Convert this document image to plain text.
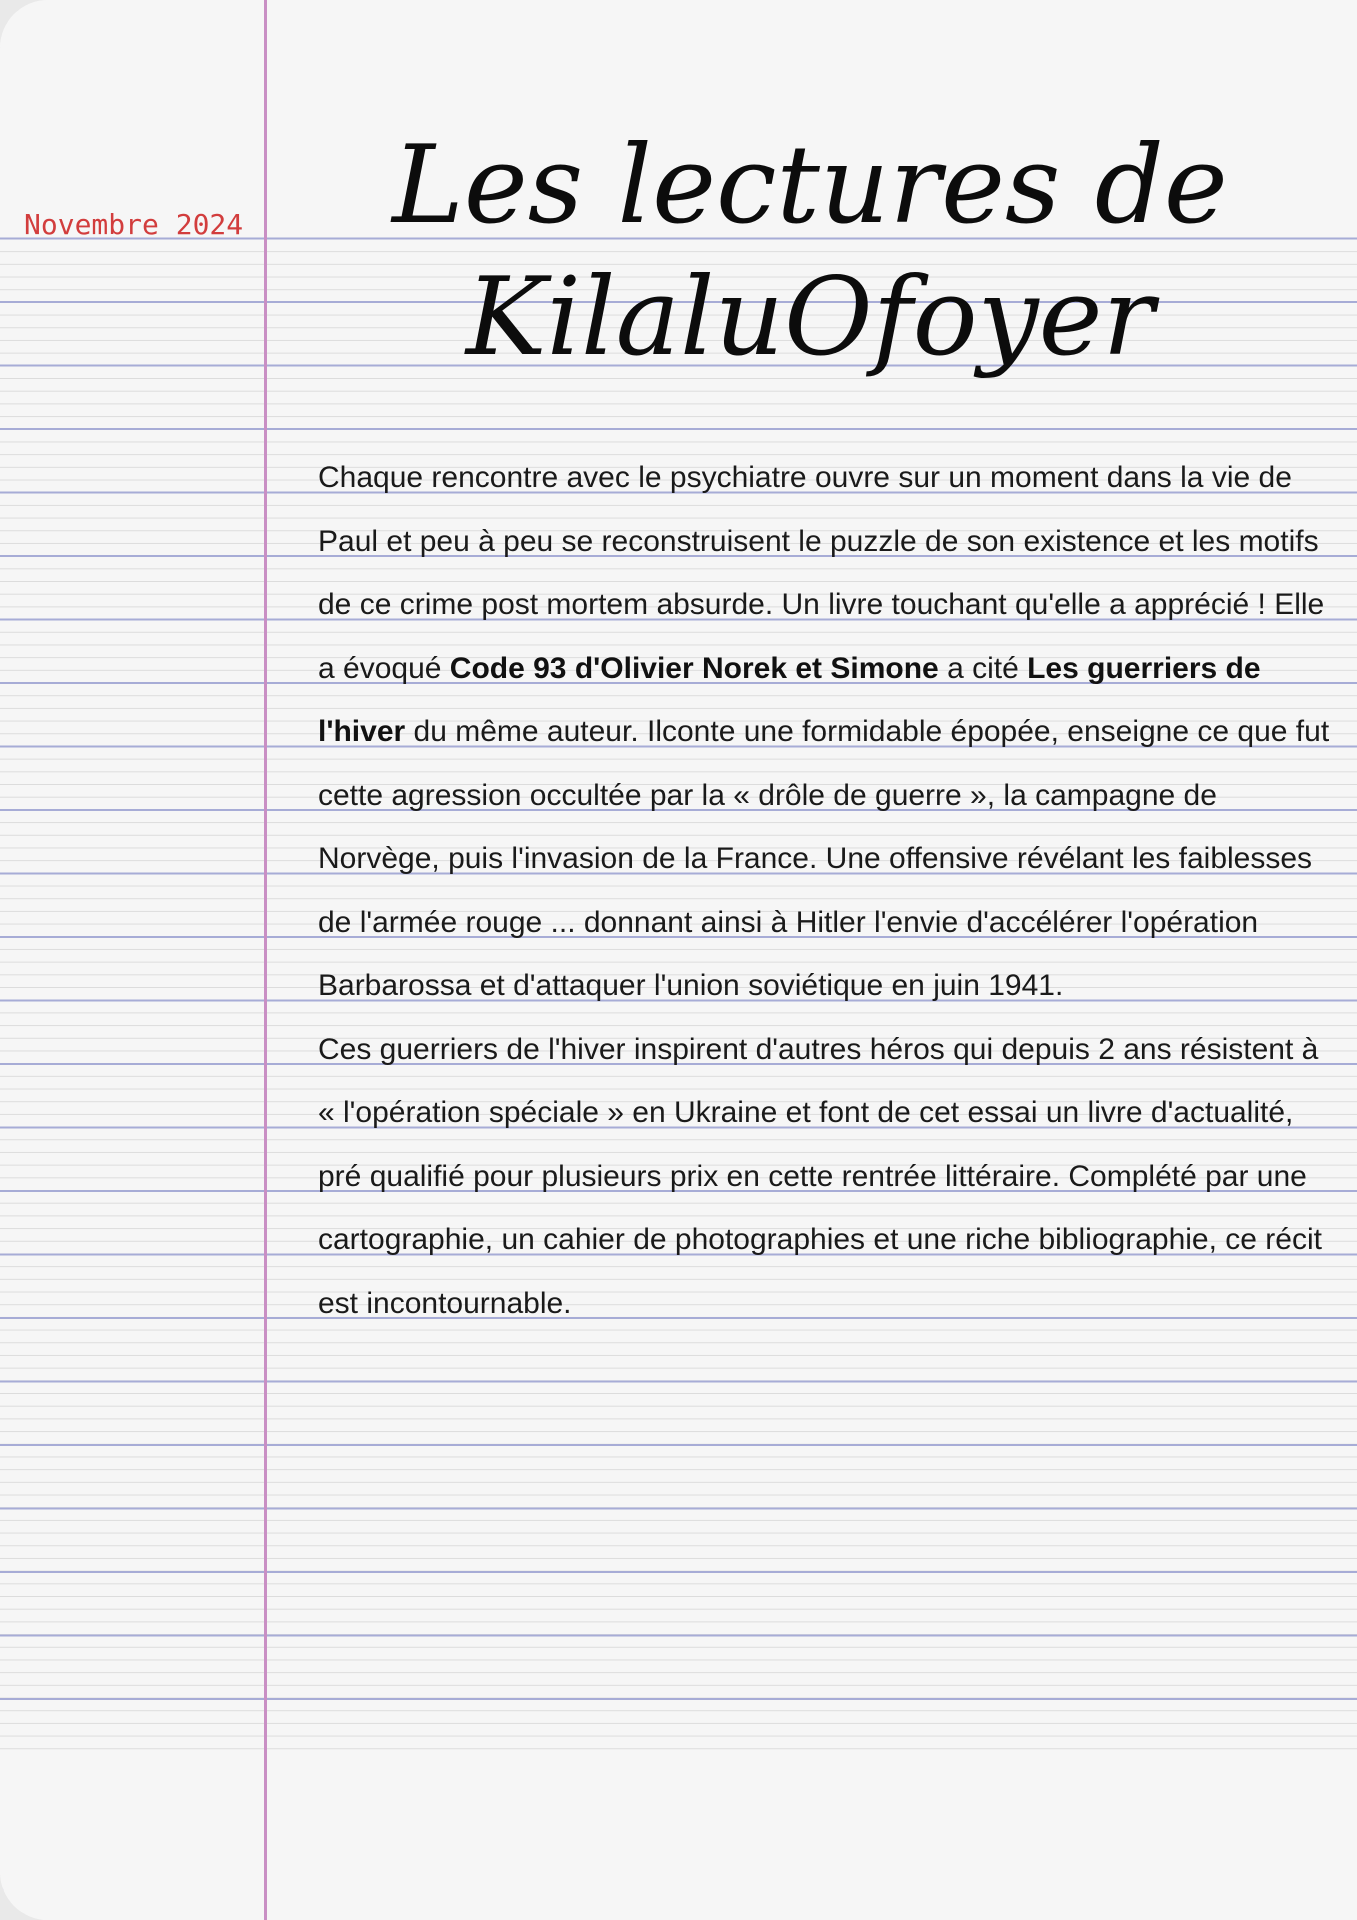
Novembre 2024	Les lectures de
KilaluOfoyer

Chaque rencontre avec le psychiatre ouvre sur un moment dans la vie de Paul et peu à peu se reconstruisent le puzzle de son existence et les motifs de ce crime post mortem absurde. Un livre touchant qu'elle a apprécié ! Elle a évoqué Code 93 d'Olivier Norek et Simone a cité Les guerriers de l'hiver du même auteur. Ilconte une formidable épopée, enseigne ce que fut cette agression occultée par la « drôle de guerre », la campagne de Norvège, puis l'invasion de la France. Une offensive révélant les faiblesses de l'armée rouge ... donnant ainsi à Hitler l'envie d'accélérer l'opération Barbarossa et d'attaquer l'union soviétique en juin 1941.

Ces guerriers de l'hiver inspirent d'autres héros qui depuis 2 ans résistent à « l'opération spéciale » en Ukraine et font de cet essai un livre d'actualité, pré qualifié pour plusieurs prix en cette rentrée littéraire. Complété par une cartographie, un cahier de photographies et une riche bibliographie, ce récit est incontournable.
